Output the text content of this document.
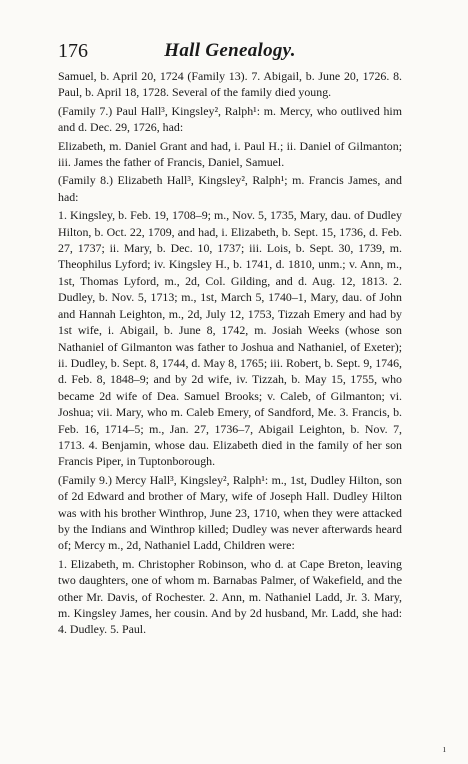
176	Hall Genealogy.

Samuel, b. April 20, 1724 (Family 13). 7. Abigail, b. June 20, 1726. 8. Paul, b. April 18, 1728. Several of the family died young.

(Family 7.) Paul Hall³, Kingsley², Ralph¹: m. Mercy, who outlived him and d. Dec. 29, 1726, had:

Elizabeth, m. Daniel Grant and had, i. Paul H.; ii. Daniel of Gilmanton; iii. James the father of Francis, Daniel, Samuel.

(Family 8.) Elizabeth Hall³, Kingsley², Ralph¹; m. Francis James, and had:

1. Kingsley, b. Feb. 19, 1708–9; m., Nov. 5, 1735, Mary, dau. of Dudley Hilton, b. Oct. 22, 1709, and had, i. Elizabeth, b. Sept. 15, 1736, d. Feb. 27, 1737; ii. Mary, b. Dec. 10, 1737; iii. Lois, b. Sept. 30, 1739, m. Theophilus Lyford; iv. Kingsley H., b. 1741, d. 1810, unm.; v. Ann, m., 1st, Thomas Lyford, m., 2d, Col. Gilding, and d. Aug. 12, 1813. 2. Dudley, b. Nov. 5, 1713; m., 1st, March 5, 1740–1, Mary, dau. of John and Hannah Leighton, m., 2d, July 12, 1753, Tizzah Emery and had by 1st wife, i. Abigail, b. June 8, 1742, m. Josiah Weeks (whose son Nathaniel of Gilmanton was father to Joshua and Nathaniel, of Exeter); ii. Dudley, b. Sept. 8, 1744, d. May 8, 1765; iii. Robert, b. Sept. 9, 1746, d. Feb. 8, 1848–9; and by 2d wife, iv. Tizzah, b. May 15, 1755, who became 2d wife of Dea. Samuel Brooks; v. Caleb, of Gilmanton; vi. Joshua; vii. Mary, who m. Caleb Emery, of Sandford, Me. 3. Francis, b. Feb. 16, 1714–5; m., Jan. 27, 1736–7, Abigail Leighton, b. Nov. 7, 1713. 4. Benjamin, whose dau. Elizabeth died in the family of her son Francis Piper, in Tuptonborough.

(Family 9.) Mercy Hall³, Kingsley², Ralph¹: m., 1st, Dudley Hilton, son of 2d Edward and brother of Mary, wife of Joseph Hall. Dudley Hilton was with his brother Winthrop, June 23, 1710, when they were attacked by the Indians and Winthrop killed; Dudley was never afterwards heard of; Mercy m., 2d, Nathaniel Ladd, Children were:

1. Elizabeth, m. Christopher Robinson, who d. at Cape Breton, leaving two daughters, one of whom m. Barnabas Palmer, of Wakefield, and the other Mr. Davis, of Rochester. 2. Ann, m. Nathaniel Ladd, Jr. 3. Mary, m. Kingsley James, her cousin. And by 2d husband, Mr. Ladd, she had: 4. Dudley. 5. Paul.

ı
